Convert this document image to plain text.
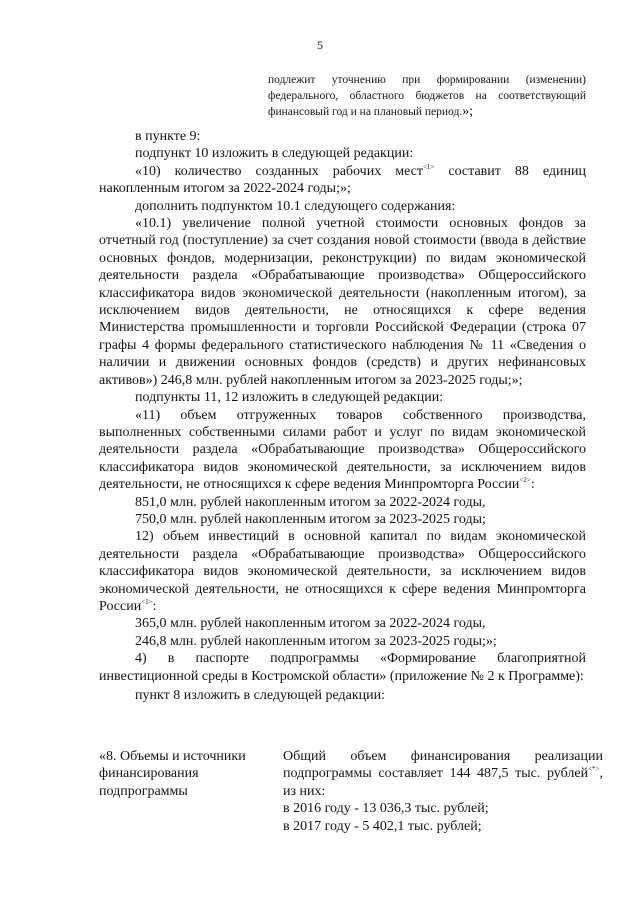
5
подлежит уточнению при формировании (изменении)
федерального, областного бюджетов на соответствующий
финансовый год и на плановый период.»;

в пункте 9:

подпункт 10 изложить в следующей редакции:

«10) количество созданных рабочих мест$^{<1>}$ составит 88 единиц накопленным итогом за 2022-2024 годы;»;

дополнить подпунктом 10.1 следующего содержания:

«10.1) увеличение полной учетной стоимости основных фондов за отчетный год (поступление) за счет создания новой стоимости (ввода в действие основных фондов, модернизации, реконструкции) по видам экономической деятельности раздела «Обрабатывающие производства» Общероссийского классификатора видов экономической деятельности (накопленным итогом), за исключением видов деятельности, не относящихся к сфере ведения Министерства промышленности и торговли Российской Федерации (строка 07 графы 4 формы федерального статистического наблюдения № 11 «Сведения о наличии и движении основных фондов (средств) и других нефинансовых активов») 246,8 млн. рублей накопленным итогом за 2023-2025 годы;»;

подпункты 11, 12 изложить в следующей редакции:

«11) объем отгруженных товаров собственного производства, выполненных собственными силами работ и услуг по видам экономической деятельности раздела «Обрабатывающие производства» Общероссийского классификатора видов экономической деятельности, за исключением видов деятельности, не относящихся к сфере ведения Минпромторга России$^{<2>}$:

851,0 млн. рублей накопленным итогом за 2022-2024 годы,

750,0 млн. рублей накопленным итогом за 2023-2025 годы;

12) объем инвестиций в основной капитал по видам экономической деятельности раздела «Обрабатывающие производства» Общероссийского классификатора видов экономической деятельности, за исключением видов экономической деятельности, не относящихся к сфере ведения Минпромторга России$^{<1>}$:

365,0 млн. рублей накопленным итогом за 2022-2024 годы,

246,8 млн. рублей накопленным итогом за 2023-2025 годы;»;

4) в паспорте подпрограммы «Формирование благоприятной инвестиционной среды в Костромской области» (приложение № 2 к Программе):

пункт 8 изложить в следующей редакции:

«8. Объемы и источники финансирования подпрограммы
Общий объем финансирования реализации подпрограммы составляет 144 487,5 тыс. рублей<*>, из них:
в 2016 году - 13 036,3 тыс. рублей;
в 2017 году - 5 402,1 тыс. рублей;
